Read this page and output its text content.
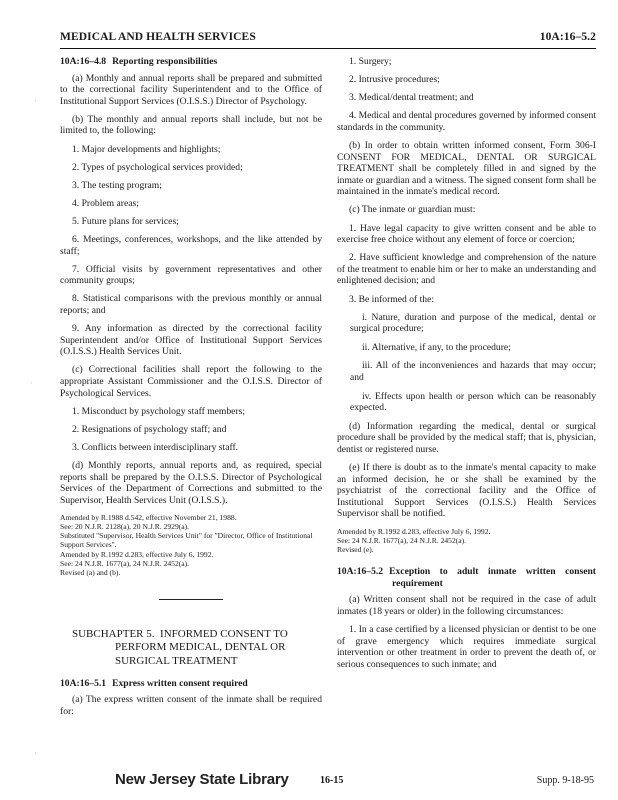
MEDICAL AND HEALTH SERVICES	10A:16–5.2

10A:16–4.8 Reporting responsibilities

(a) Monthly and annual reports shall be prepared and submitted to the correctional facility Superintendent and to the Office of Institutional Support Services (O.I.S.S.) Director of Psychology.

(b) The monthly and annual reports shall include, but not be limited to, the following:

1. Major developments and highlights;

2. Types of psychological services provided;

3. The testing program;

4. Problem areas;

5. Future plans for services;

6. Meetings, conferences, workshops, and the like attended by staff;

7. Official visits by government representatives and other community groups;

8. Statistical comparisons with the previous monthly or annual reports; and

9. Any information as directed by the correctional facility Superintendent and/or Office of Institutional Support Services (O.I.S.S.) Health Services Unit.

(c) Correctional facilities shall report the following to the appropriate Assistant Commissioner and the O.I.S.S. Director of Psychological Services.

1. Misconduct by psychology staff members;

2. Resignations of psychology staff; and

3. Conflicts between interdisciplinary staff.

(d) Monthly reports, annual reports and, as required, special reports shall be prepared by the O.I.S.S. Director of Psychological Services of the Department of Corrections and submitted to the Supervisor, Health Services Unit (O.I.S.S.).

Amended by R.1988 d.542, effective November 21, 1988.

See: 20 N.J.R. 2128(a), 20 N.J.R. 2929(a).

Substituted "Supervisor, Health Services Unit" for "Director, Office of Institutional Support Services".

Amended by R.1992 d.283, effective July 6, 1992.

See: 24 N.J.R. 1677(a), 24 N.J.R. 2452(a).

Revised (a) and (b).

SUBCHAPTER 5. INFORMED CONSENT TO PERFORM MEDICAL, DENTAL OR SURGICAL TREATMENT

10A:16–5.1 Express written consent required

(a) The express written consent of the inmate shall be required for:

1. Surgery;

2. Intrusive procedures;

3. Medical/dental treatment; and

4. Medical and dental procedures governed by informed consent standards in the community.

(b) In order to obtain written informed consent, Form 306-I CONSENT FOR MEDICAL, DENTAL OR SURGICAL TREATMENT shall be completely filled in and signed by the inmate or guardian and a witness. The signed consent form shall be maintained in the inmate's medical record.

(c) The inmate or guardian must:

1. Have legal capacity to give written consent and be able to exercise free choice without any element of force or coercion;

2. Have sufficient knowledge and comprehension of the nature of the treatment to enable him or her to make an understanding and enlightened decision; and

3. Be informed of the:

i. Nature, duration and purpose of the medical, dental or surgical procedure;

ii. Alternative, if any, to the procedure;

iii. All of the inconveniences and hazards that may occur; and

iv. Effects upon health or person which can be reasonably expected.

(d) Information regarding the medical, dental or surgical procedure shall be provided by the medical staff; that is, physician, dentist or registered nurse.

(e) If there is doubt as to the inmate's mental capacity to make an informed decision, he or she shall be examined by the psychiatrist of the correctional facility and the Office of Institutional Support Services (O.I.S.S.) Health Services Supervisor shall be notified.

Amended by R.1992 d.283, effective July 6, 1992.

See: 24 N.J.R. 1677(a), 24 N.J.R. 2452(a).

Revised (e).

10A:16–5.2 Exception to adult inmate written consent requirement

(a) Written consent shall not be required in the case of adult inmates (18 years or older) in the following circumstances:

1. In a case certified by a licensed physician or dentist to be one of grave emergency which requires immediate surgical intervention or other treatment in order to prevent the death of, or serious consequences to such inmate; and

·
·
·
New Jersey State Library	16-15	Supp. 9-18-95
